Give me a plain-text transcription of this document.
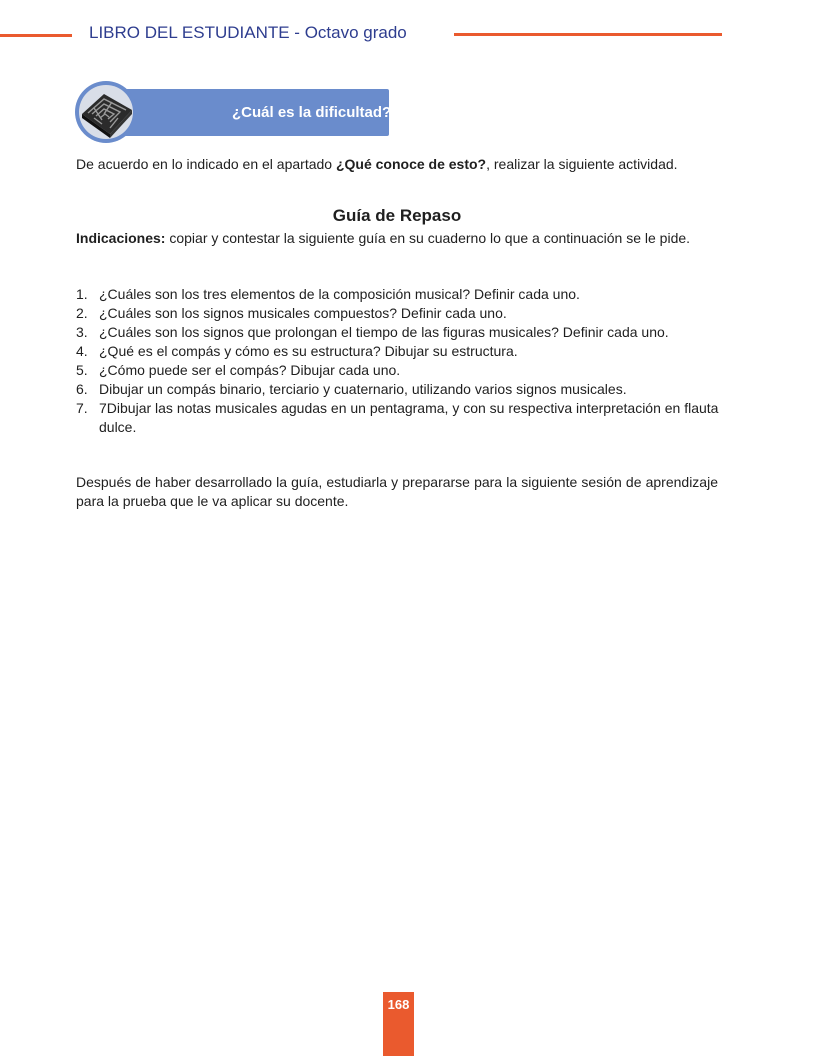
LIBRO DEL ESTUDIANTE - Octavo grado
¿Cuál es la dificultad?
De acuerdo en lo indicado en el apartado ¿Qué conoce de esto?, realizar la siguiente actividad.
Guía de Repaso
Indicaciones: copiar y contestar la siguiente guía en su cuaderno lo que a continuación se le pide.
1. ¿Cuáles son los tres elementos de la composición musical? Definir cada uno.
2. ¿Cuáles son los signos musicales compuestos? Definir cada uno.
3. ¿Cuáles son los signos que prolongan el tiempo de las figuras musicales? Definir cada uno.
4. ¿Qué es el compás y cómo es su estructura? Dibujar su estructura.
5. ¿Cómo puede ser el compás? Dibujar cada uno.
6. Dibujar un compás binario, terciario y cuaternario, utilizando varios signos musicales.
7. 7Dibujar las notas musicales agudas en un pentagrama, y con su respectiva interpretación en flauta dulce.
Después de haber desarrollado la guía, estudiarla y prepararse para la siguiente sesión de aprendizaje para la prueba que le va aplicar su docente.
168
